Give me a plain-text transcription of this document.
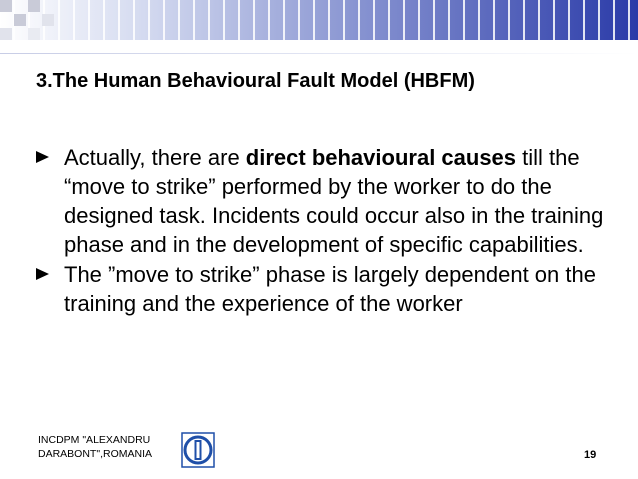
3.The Human Behavioural Fault Model (HBFM)
Actually, there are direct behavioural causes till the “move to strike” performed by the worker to do the designed task. Incidents could occur also in the training phase and in the development of specific capabilities.
The ”move to strike” phase is largely dependent on the training and the experience of the worker
INCDPM "ALEXANDRU
DARABONT",ROMANIA	19
